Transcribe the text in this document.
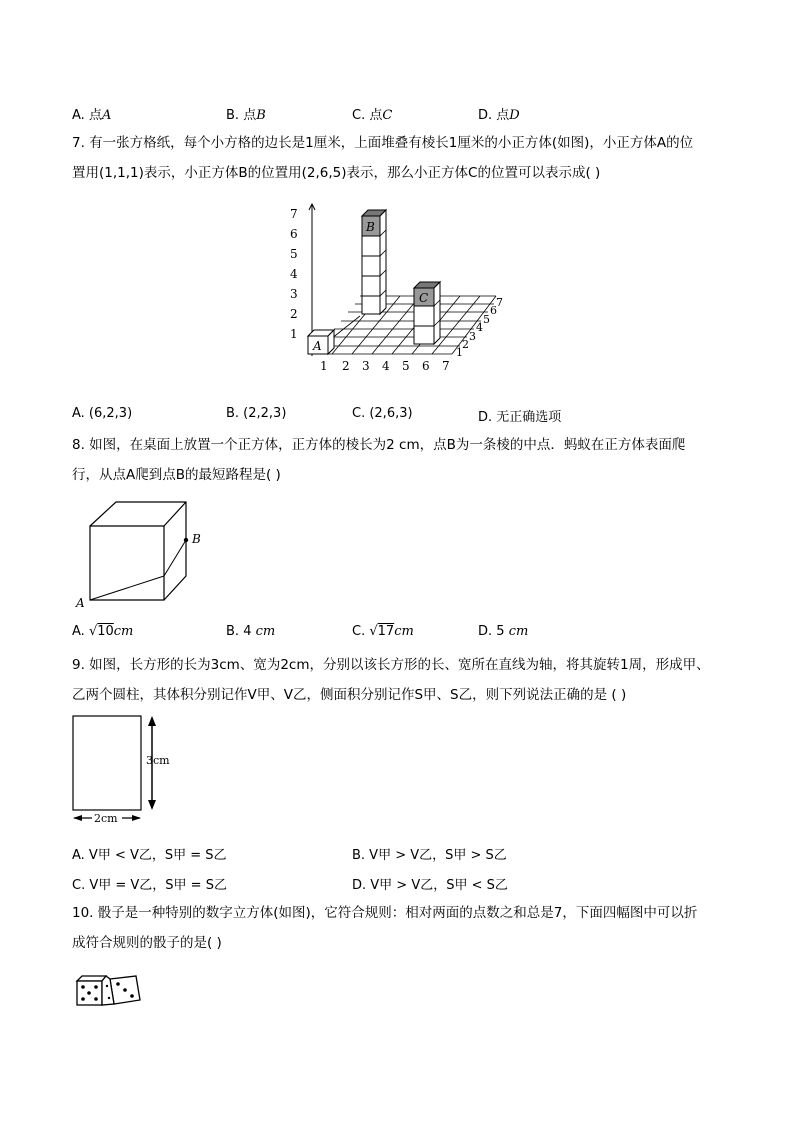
A. 点A	B. 点B	C. 点C	D. 点D
7. 有一张方格纸，每个小方格的边长是1厘米，上面堆叠有棱长1厘米的小正方体(如图)，小正方体A的位
置用(1,1,1)表示，小正方体B的位置用(2,6,5)表示，那么小正方体C的位置可以表示成( )
1
2
3
4
5
6
7
1 2 3 4 5 6 7
1
2
3
4
5
6
7
A
B
C
A. (6,2,3)	B. (2,2,3)	C. (2,6,3)	D. 无正确选项
8. 如图，在桌面上放置一个正方体，正方体的棱长为2 cm，点B为一条棱的中点．蚂蚁在正方体表面爬
行，从点A爬到点B的最短路程是( )
B
A
A. √10cm	B. 4 cm	C. √17cm	D. 5 cm
9. 如图，长方形的长为3cm、宽为2cm，分别以该长方形的长、宽所在直线为轴，将其旋转1周，形成甲、
乙两个圆柱，其体积分别记作V甲、V乙，侧面积分别记作S甲、S乙，则下列说法正确的是 ( )
3cm
2cm
A. V甲 < V乙，S甲 = S乙	B. V甲 > V乙，S甲 > S乙
C. V甲 = V乙，S甲 = S乙	D. V甲 > V乙，S甲 < S乙
10. 骰子是一种特别的数字立方体(如图)，它符合规则：相对两面的点数之和总是7，下面四幅图中可以折
成符合规则的骰子的是( )
